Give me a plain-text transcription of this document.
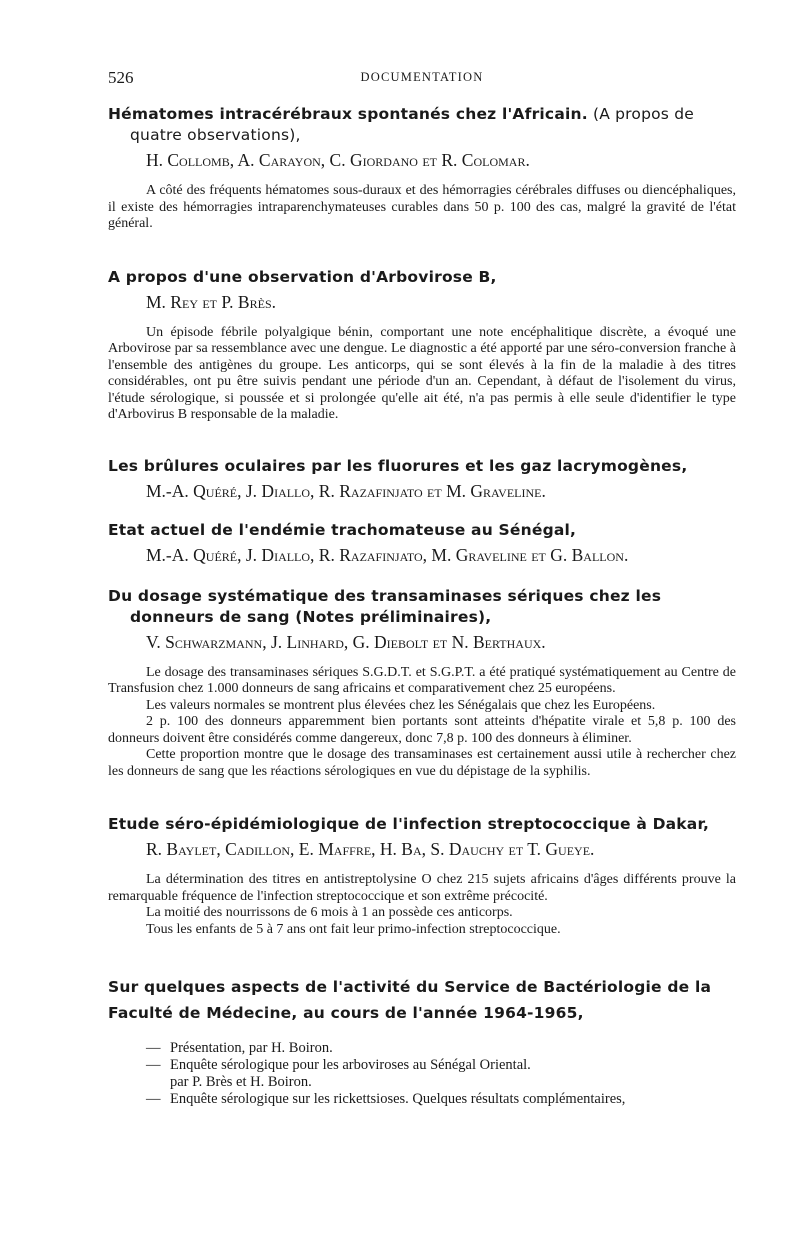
526	DOCUMENTATION

Hématomes intracérébraux spontanés chez l'Africain. (A propos de quatre observations),

H. Collomb, A. Carayon, C. Giordano et R. Colomar.

A côté des fréquents hématomes sous-duraux et des hémorragies cérébrales diffuses ou diencéphaliques, il existe des hémorragies intraparenchymateuses curables dans 50 p. 100 des cas, malgré la gravité de l'état général.

A propos d'une observation d'Arbovirose B,

M. Rey et P. Brès.

Un épisode fébrile polyalgique bénin, comportant une note encéphalitique discrète, a évoqué une Arbovirose par sa ressemblance avec une dengue. Le diagnostic a été apporté par une séro-conversion franche à l'ensemble des antigènes du groupe. Les anticorps, qui se sont élevés à la fin de la maladie à des titres considérables, ont pu être suivis pendant une période d'un an. Cependant, à défaut de l'isolement du virus, l'étude sérologique, si poussée et si prolongée qu'elle ait été, n'a pas permis à elle seule d'identifier le type d'Arbovirus B responsable de la maladie.

Les brûlures oculaires par les fluorures et les gaz lacrymogènes,

M.-A. Quéré, J. Diallo, R. Razafinjato et M. Graveline.

Etat actuel de l'endémie trachomateuse au Sénégal,

M.-A. Quéré, J. Diallo, R. Razafinjato, M. Graveline et G. Ballon.

Du dosage systématique des transaminases sériques chez les donneurs de sang (Notes préliminaires),

V. Schwarzmann, J. Linhard, G. Diebolt et N. Berthaux.

Le dosage des transaminases sériques S.G.D.T. et S.G.P.T. a été pratiqué systématiquement au Centre de Transfusion chez 1.000 donneurs de sang africains et comparativement chez 25 européens.

Les valeurs normales se montrent plus élevées chez les Sénégalais que chez les Européens.

2 p. 100 des donneurs apparemment bien portants sont atteints d'hépatite virale et 5,8 p. 100 des donneurs doivent être considérés comme dangereux, donc 7,8 p. 100 des donneurs à éliminer.

Cette proportion montre que le dosage des transaminases est certainement aussi utile à rechercher chez les donneurs de sang que les réactions sérologiques en vue du dépistage de la syphilis.

Etude séro-épidémiologique de l'infection streptococcique à Dakar,

R. Baylet, Cadillon, E. Maffre, H. Ba, S. Dauchy et T. Gueye.

La détermination des titres en antistreptolysine O chez 215 sujets africains d'âges différents prouve la remarquable fréquence de l'infection streptococcique et son extrême précocité.

La moitié des nourrissons de 6 mois à 1 an possède ces anticorps.

Tous les enfants de 5 à 7 ans ont fait leur primo-infection streptococcique.

Sur quelques aspects de l'activité du Service de Bactériologie de la Faculté de Médecine, au cours de l'année 1964-1965,

— Présentation, par H. Boiron.
— Enquête sérologique pour les arboviroses au Sénégal Oriental.
par P. Brès et H. Boiron.
— Enquête sérologique sur les rickettsioses. Quelques résultats complémentaires,
